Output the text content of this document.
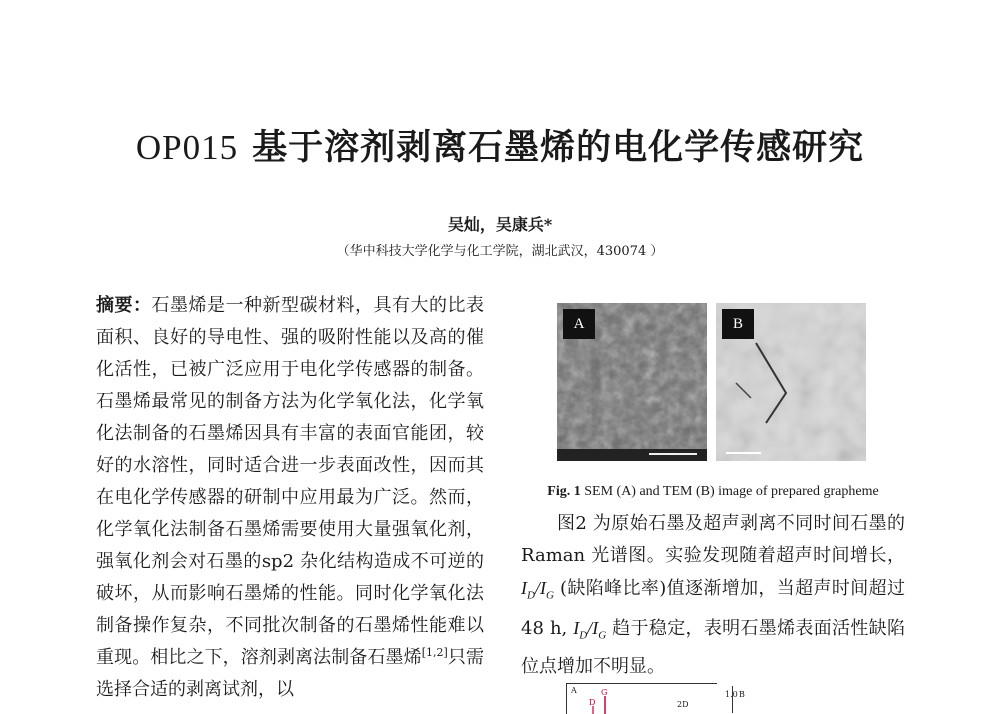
OP015 基于溶剂剥离石墨烯的电化学传感研究
吴灿，吴康兵*
（华中科技大学化学与化工学院，湖北武汉，430074 ）
摘要：石墨烯是一种新型碳材料，具有大的比表面积、良好的导电性、强的吸附性能以及高的催化活性，已被广泛应用于电化学传感器的制备。石墨烯最常见的制备方法为化学氧化法，化学氧化法制备的石墨烯因具有丰富的表面官能团，较好的水溶性，同时适合进一步表面改性，因而其在电化学传感器的研制中应用最为广泛。然而，化学氧化法制备石墨烯需要使用大量强氧化剂，强氧化剂会对石墨的sp2 杂化结构造成不可逆的破坏，从而影响石墨烯的性能。同时化学氧化法制备操作复杂，不同批次制备的石墨烯性能难以重现。相比之下，溶剂剥离法制备石墨烯[1,2]只需选择合适的剥离试剂，以
A	B
Fig. 1 SEM (A) and TEM (B) image of prepared grapheme
图2 为原始石墨及超声剥离不同时间石墨的Raman 光谱图。实验发现随着超声时间增长，$I_D/I_G$ (缺陷峰比率)值逐渐增加，当超声时间超过48 h, $I_D/I_G$ 趋于稳定，表明石墨烯表面活性缺陷位点增加不明显。
A	G
D	2D
1.0 B
